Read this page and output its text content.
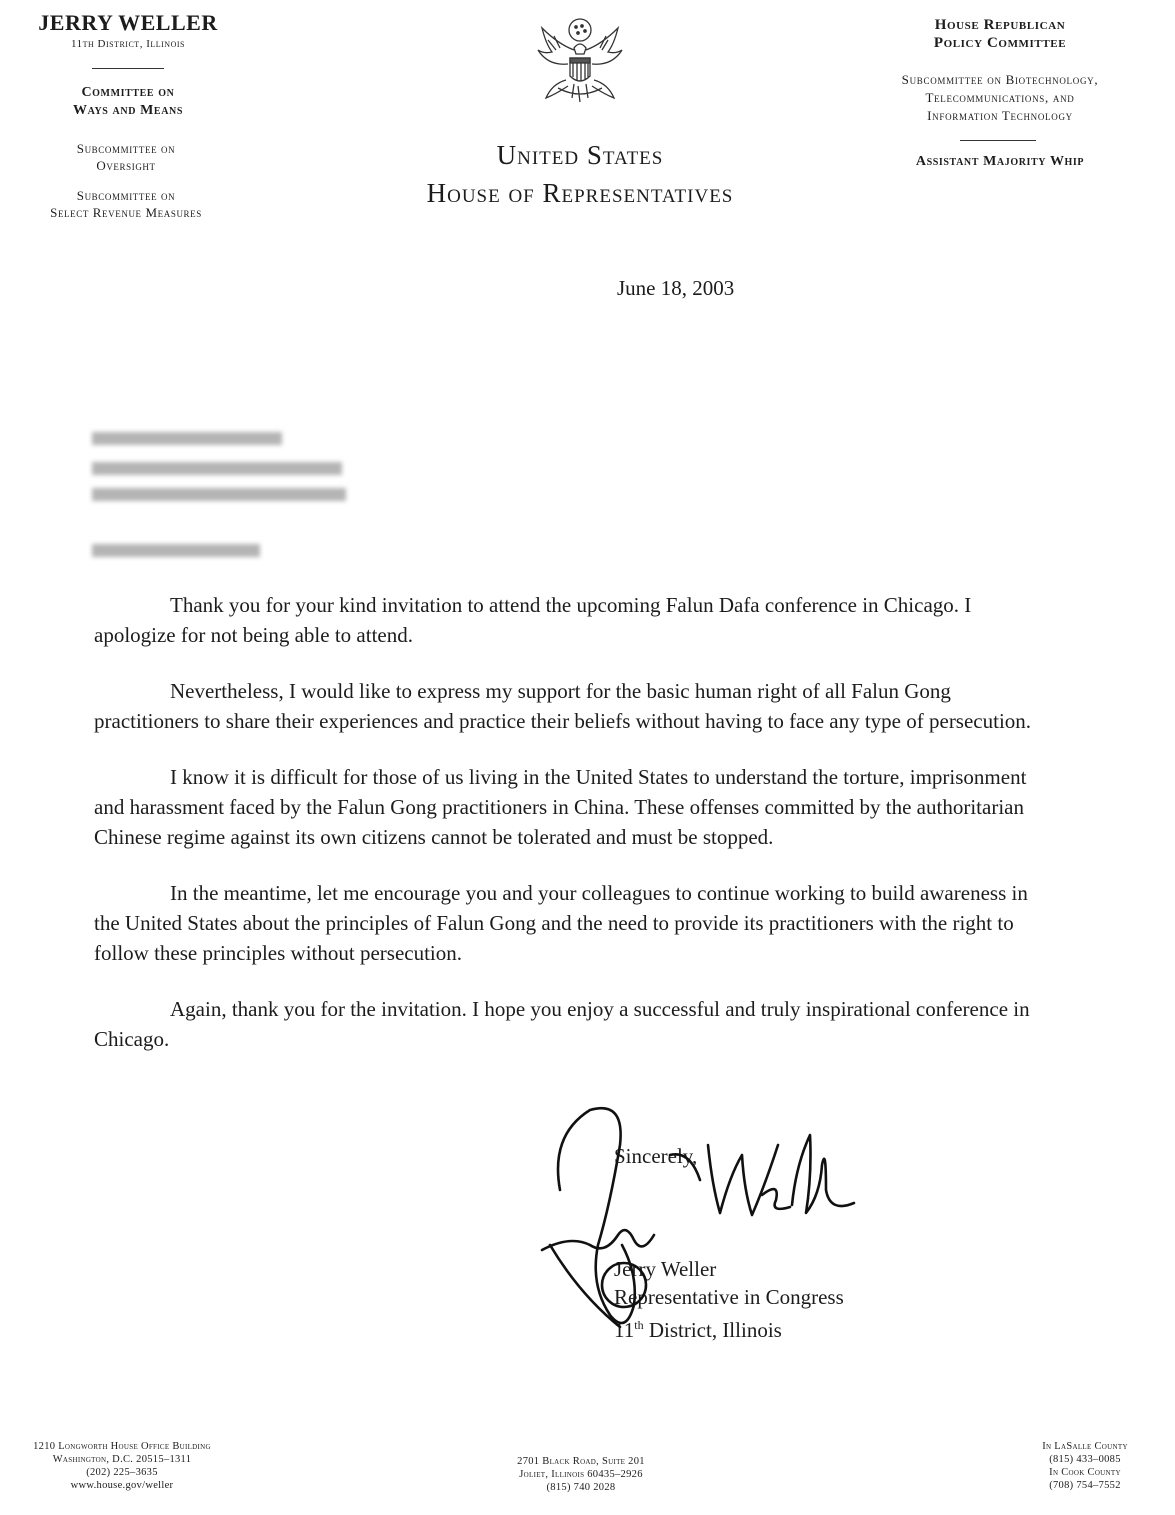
JERRY WELLER
11th District, Illinois
Committee on
Ways and Means
Subcommittee on
Oversight
Subcommittee on
Select Revenue Measures
United States
House of Representatives
House Republican
Policy Committee
Subcommittee on Biotechnology,
Telecommunications, and
Information Technology
Assistant Majority Whip
June 18, 2003

Thank you for your kind invitation to attend the upcoming Falun Dafa conference in Chicago. I apologize for not being able to attend.

Nevertheless, I would like to express my support for the basic human right of all Falun Gong practitioners to share their experiences and practice their beliefs without having to face any type of persecution.

I know it is difficult for those of us living in the United States to understand the torture, imprisonment and harassment faced by the Falun Gong practitioners in China. These offenses committed by the authoritarian Chinese regime against its own citizens cannot be tolerated and must be stopped.

In the meantime, let me encourage you and your colleagues to continue working to build awareness in the United States about the principles of Falun Gong and the need to provide its practitioners with the right to follow these principles without persecution.

Again, thank you for the invitation. I hope you enjoy a successful and truly inspirational conference in Chicago.

Sincerely,
Jerry Weller
Representative in Congress
11th District, Illinois
1210 Longworth House Office Building
Washington, D.C. 20515–1311
(202) 225–3635
www.house.gov/weller
2701 Black Road, Suite 201
Joliet, Illinois 60435–2926
(815) 740 2028
In LaSalle County
(815) 433–0085
In Cook County
(708) 754–7552
